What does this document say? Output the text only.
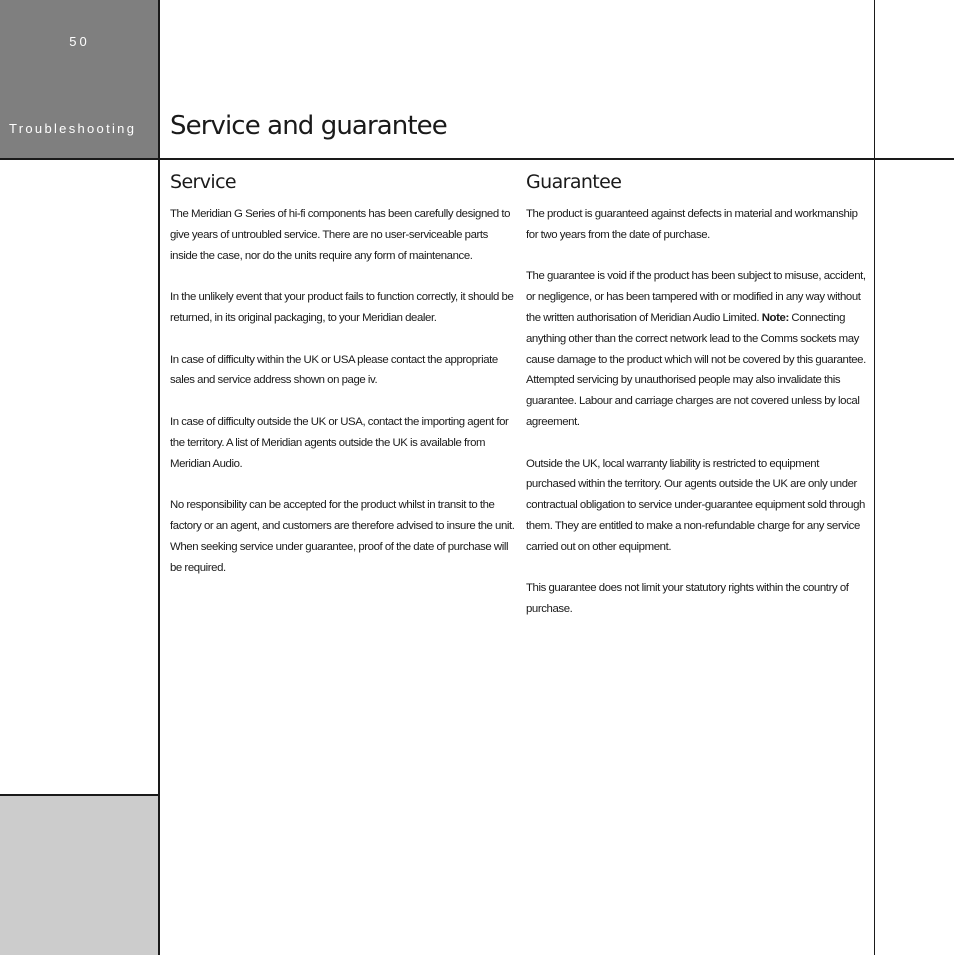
50
Troubleshooting Service and guarantee
Service

The Meridian G Series of hi-fi components has been carefully designed to give years of untroubled service. There are no user-serviceable parts inside the case, nor do the units require any form of maintenance.

In the unlikely event that your product fails to function correctly, it should be returned, in its original packaging, to your Meridian dealer.

In case of difficulty within the UK or USA please contact the appropriate sales and service address shown on page iv.

In case of difficulty outside the UK or USA, contact the importing agent for the territory. A list of Meridian agents outside the UK is available from Meridian Audio.

No responsibility can be accepted for the product whilst in transit to the factory or an agent, and customers are therefore advised to insure the unit. When seeking service under guarantee, proof of the date of purchase will be required.

Guarantee

The product is guaranteed against defects in material and workmanship for two years from the date of purchase.

The guarantee is void if the product has been subject to misuse, accident, or negligence, or has been tampered with or modified in any way without the written authorisation of Meridian Audio Limited. Note: Connecting anything other than the correct network lead to the Comms sockets may cause damage to the product which will not be covered by this guarantee. Attempted servicing by unauthorised people may also invalidate this guarantee. Labour and carriage charges are not covered unless by local agreement.

Outside the UK, local warranty liability is restricted to equipment purchased within the territory. Our agents outside the UK are only under contractual obligation to service under-guarantee equipment sold through them. They are entitled to make a non-refundable charge for any service carried out on other equipment.

This guarantee does not limit your statutory rights within the country of purchase.
